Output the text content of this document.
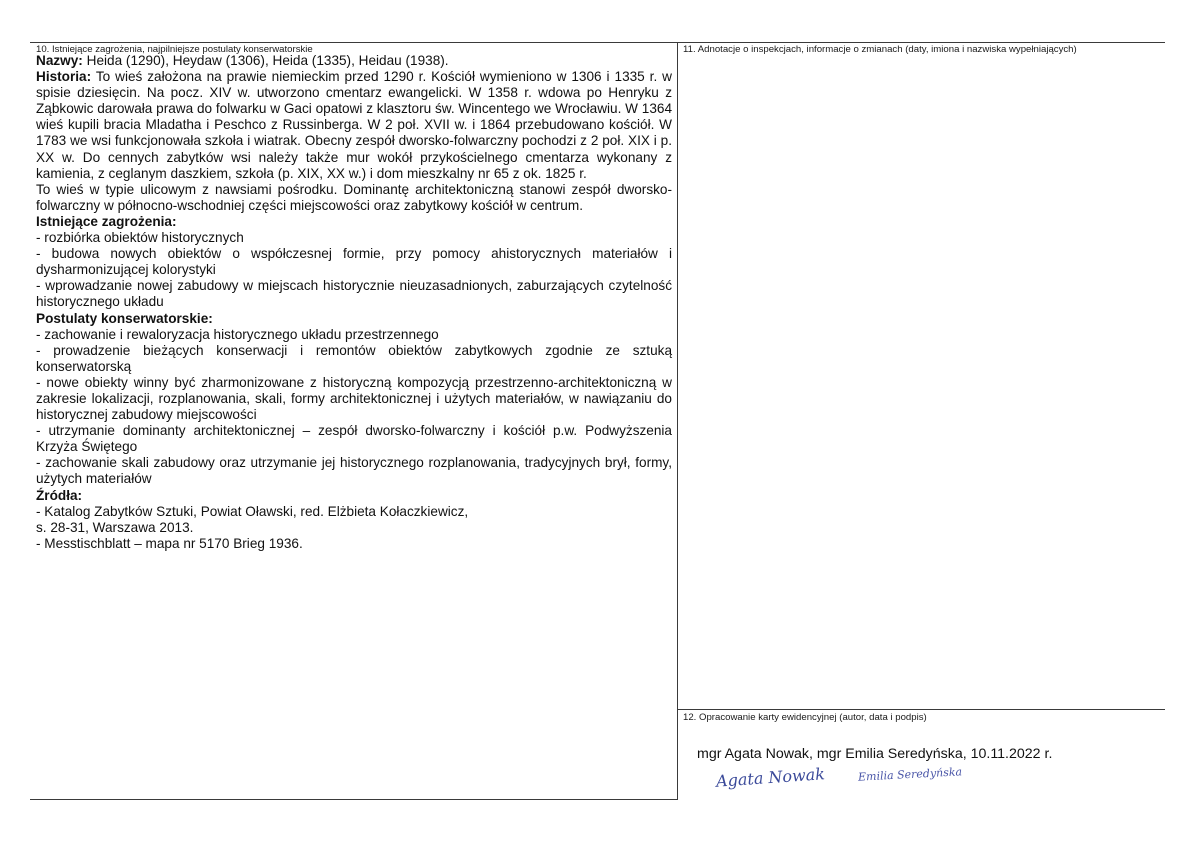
10. Istniejące zagrożenia, najpilniejsze postulaty konserwatorskie	11. Adnotacje o inspekcjach, informacje o zmianach (daty, imiona i nazwiska wypełniających)
12. Opracowanie karty ewidencyjnej (autor, data i podpis)

Nazwy: Heida (1290), Heydaw (1306), Heida (1335), Heidau (1938).

Historia: To wieś założona na prawie niemieckim przed 1290 r. Kościół wymieniono w 1306 i 1335 r. w spisie dziesięcin. Na pocz. XIV w. utworzono cmentarz ewangelicki. W 1358 r. wdowa po Henryku z Ząbkowic darowała prawa do folwarku w Gaci opatowi z klasztoru św. Wincentego we Wrocławiu. W 1364 wieś kupili bracia Mladatha i Peschco z Russinberga. W 2 poł. XVII w. i 1864 przebudowano kościół. W 1783 we wsi funkcjonowała szkoła i wiatrak. Obecny zespół dworsko-folwarczny pochodzi z 2 poł. XIX i p. XX w. Do cennych zabytków wsi należy także mur wokół przykościelnego cmentarza wykonany z kamienia, z ceglanym daszkiem, szkoła (p. XIX, XX w.) i dom mieszkalny nr 65 z ok. 1825 r.

To wieś w typie ulicowym z nawsiami pośrodku. Dominantę architektoniczną stanowi zespół dworsko-folwarczny w północno-wschodniej części miejscowości oraz zabytkowy kościół w centrum.

Istniejące zagrożenia:

- rozbiórka obiektów historycznych

- budowa nowych obiektów o współczesnej formie, przy pomocy ahistorycznych materiałów i dysharmonizującej kolorystyki

- wprowadzanie nowej zabudowy w miejscach historycznie nieuzasadnionych, zaburzających czytelność historycznego układu

Postulaty konserwatorskie:

- zachowanie i rewaloryzacja historycznego układu przestrzennego

- prowadzenie bieżących konserwacji i remontów obiektów zabytkowych zgodnie ze sztuką konserwatorską

- nowe obiekty winny być zharmonizowane z historyczną kompozycją przestrzenno-architektoniczną w zakresie lokalizacji, rozplanowania, skali, formy architektonicznej i użytych materiałów, w nawiązaniu do historycznej zabudowy miejscowości

- utrzymanie dominanty architektonicznej – zespół dworsko-folwarczny i kościół p.w. Podwyższenia Krzyża Świętego

- zachowanie skali zabudowy oraz utrzymanie jej historycznego rozplanowania, tradycyjnych brył, formy, użytych materiałów

Źródła:

- Katalog Zabytków Sztuki, Powiat Oławski, red. Elżbieta Kołaczkiewicz,

s. 28-31, Warszawa 2013.

- Messtischblatt – mapa nr 5170 Brieg 1936.

mgr Agata Nowak, mgr Emilia Seredyńska, 10.11.2022 r.
Agata Nowak	Emilia Seredyńska
